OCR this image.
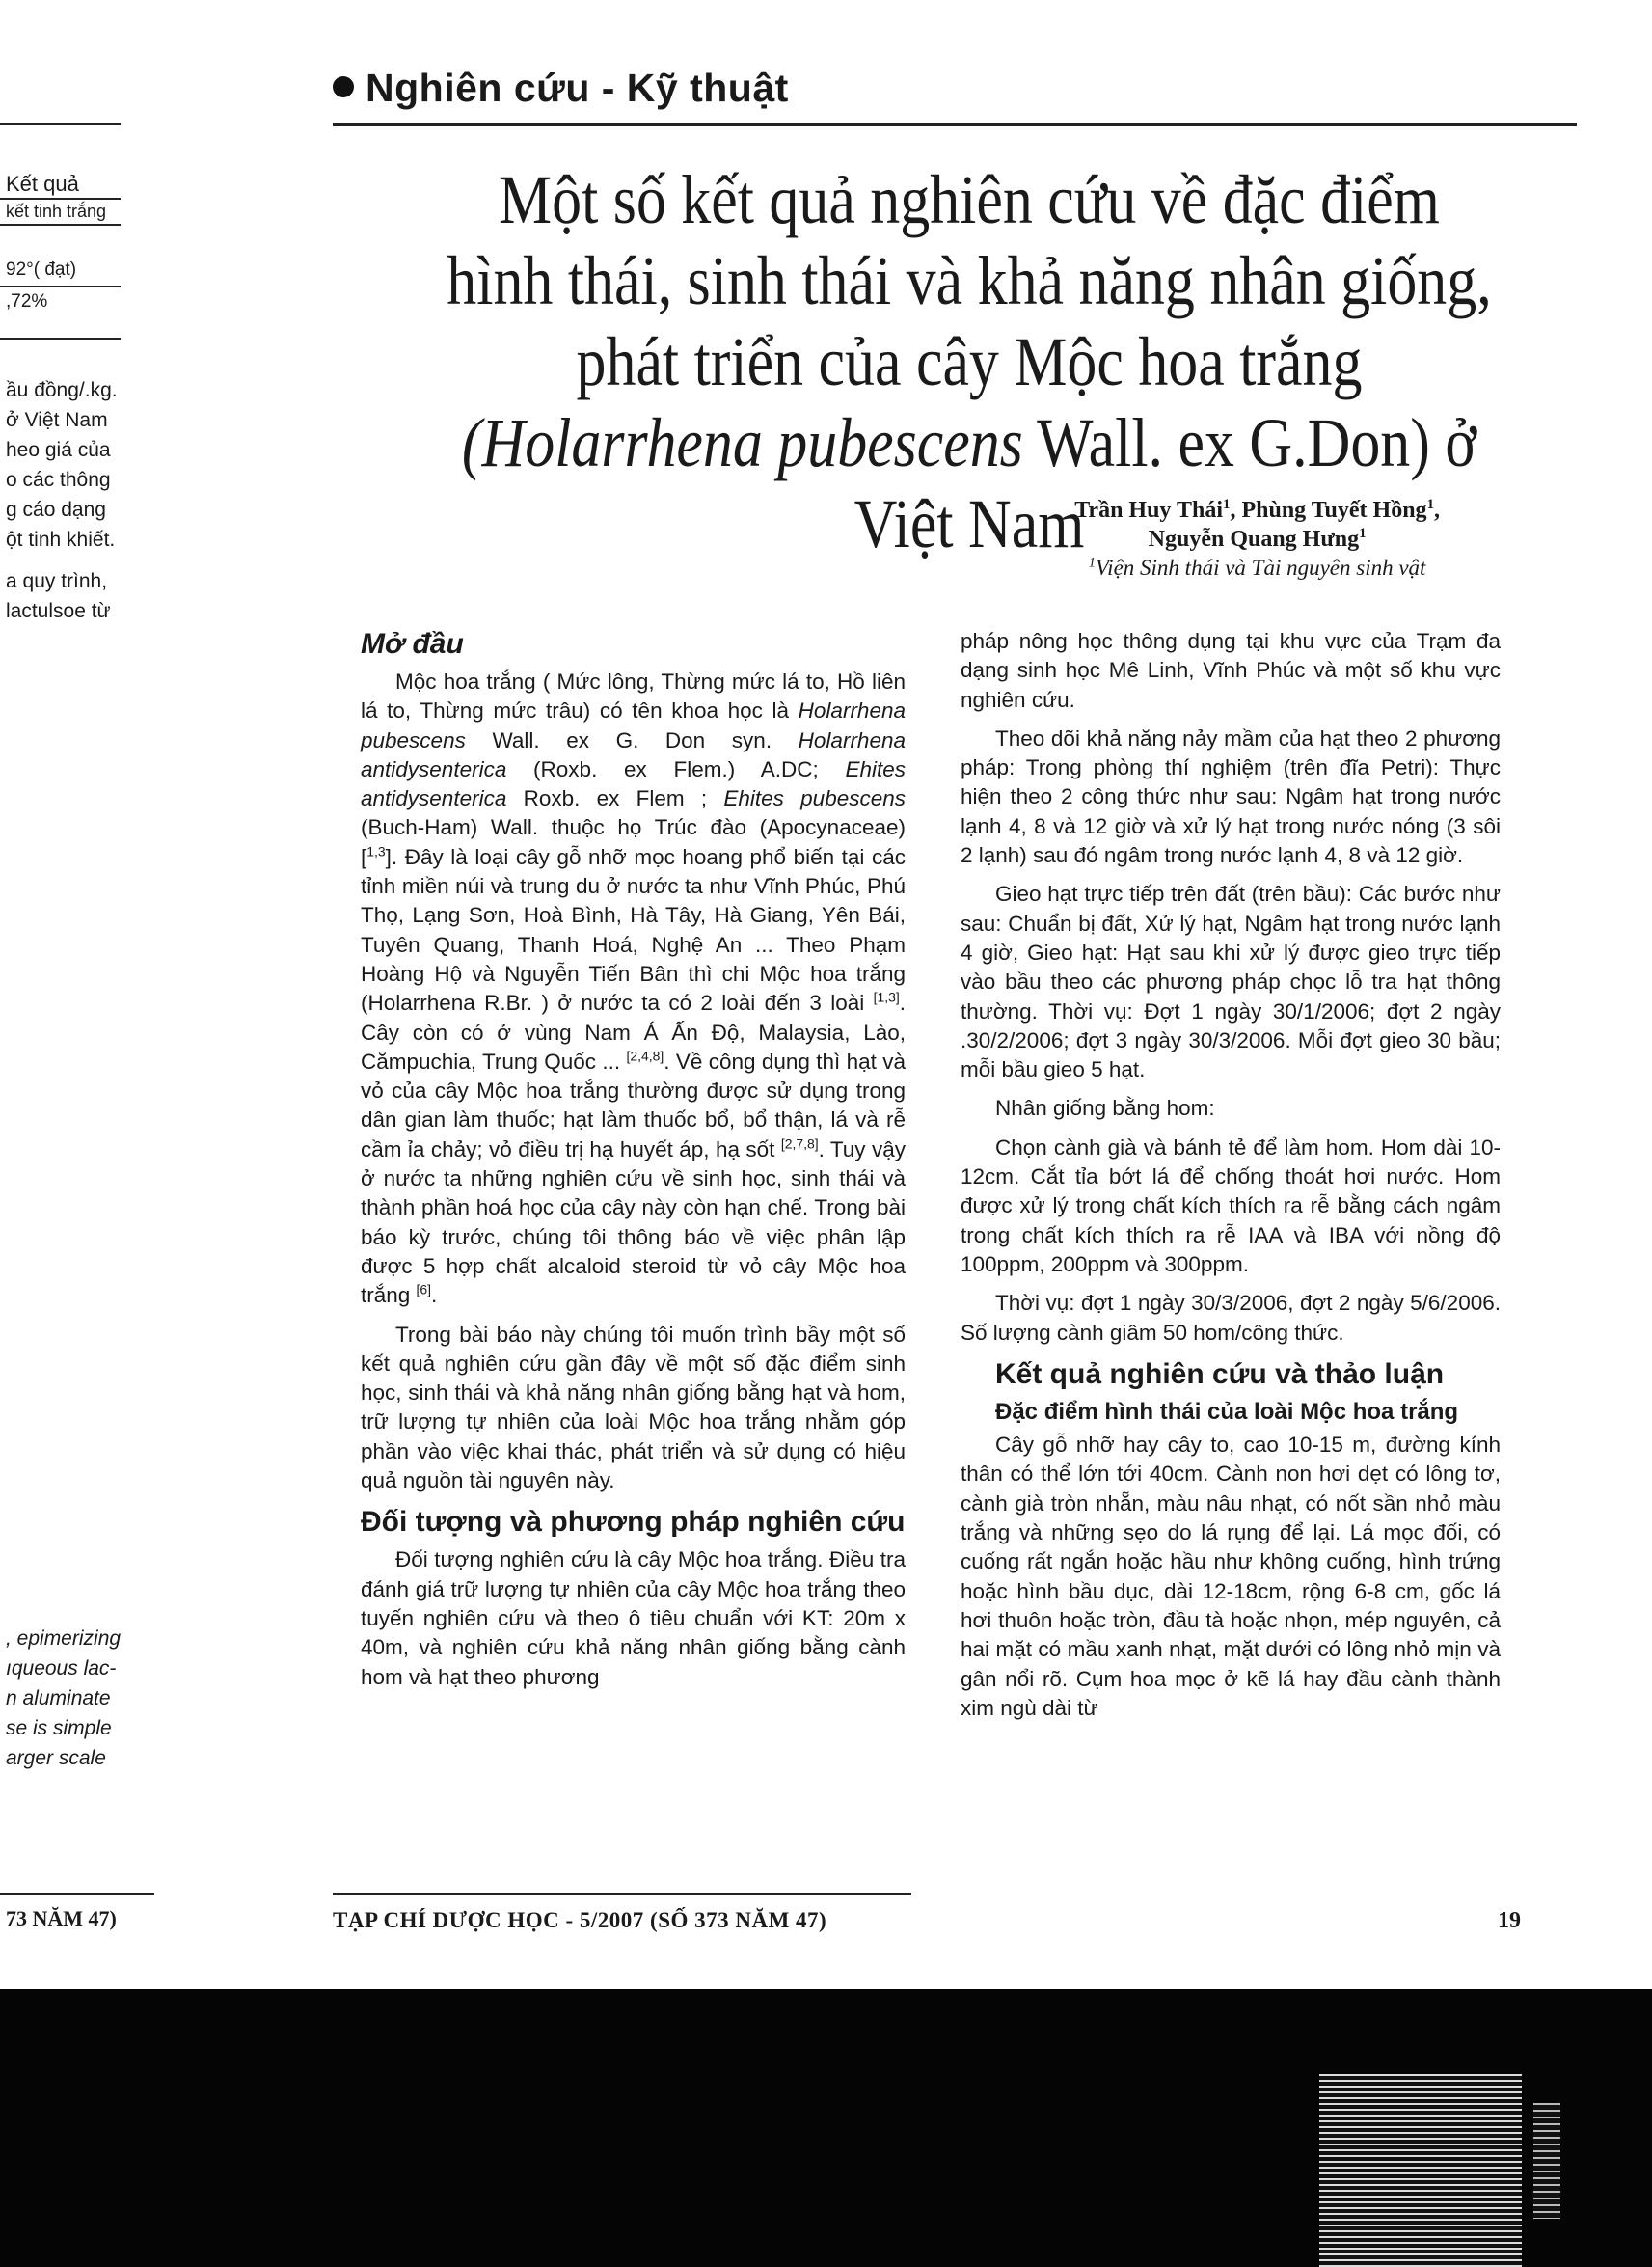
Kết quả
kết tinh trắng
92°( đạt)
,72%
ầu đồng/.kg.
ở Việt Nam
heo giá của
o các thông
g cáo dạng
ột tinh khiết.
a quy trình,
lactulsoe từ
, epimerizing
ıqueous lac-
n aluminate
se is simple
arger scale
73 NĂM 47)
Nghiên cứu - Kỹ thuật
Một số kết quả nghiên cứu về đặc điểm hình thái, sinh thái và khả năng nhân giống, phát triển của cây Mộc hoa trắng (Holarrhena pubescens Wall. ex G.Don) ở Việt Nam
Trần Huy Thái$^1$, Phùng Tuyết Hồng$^1$,
Nguyễn Quang Hưng$^1$
$^1$Viện Sinh thái và Tài nguyên sinh vật
Mở đầu

Mộc hoa trắng ( Mức lông, Thừng mức lá to, Hồ liên lá to, Thừng mức trâu) có tên khoa học là Holarrhena pubescens Wall. ex G. Don syn. Holarrhena antidysenterica (Roxb. ex Flem.) A.DC; Ehites antidysenterica Roxb. ex Flem ; Ehites pubescens (Buch-Ham) Wall. thuộc họ Trúc đào (Apocynaceae) [$^{1,3}$]. Đây là loại cây gỗ nhỡ mọc hoang phổ biến tại các tỉnh miền núi và trung du ở nước ta như Vĩnh Phúc, Phú Thọ, Lạng Sơn, Hoà Bình, Hà Tây, Hà Giang, Yên Bái, Tuyên Quang, Thanh Hoá, Nghệ An ... Theo Phạm Hoàng Hộ và Nguyễn Tiến Bân thì chi Mộc hoa trắng (Holarrhena R.Br. ) ở nước ta có 2 loài đến 3 loài [1,3]. Cây còn có ở vùng Nam Á Ấn Độ, Malaysia, Lào, Cămpuchia, Trung Quốc ... [2,4,8]. Về công dụng thì hạt và vỏ của cây Mộc hoa trắng thường được sử dụng trong dân gian làm thuốc; hạt làm thuốc bổ, bổ thận, lá và rễ cầm ỉa chảy; vỏ điều trị hạ huyết áp, hạ sốt [2,7,8]. Tuy vậy ở nước ta những nghiên cứu về sinh học, sinh thái và thành phần hoá học của cây này còn hạn chế. Trong bài báo kỳ trước, chúng tôi thông báo về việc phân lập được 5 hợp chất alcaloid steroid từ vỏ cây Mộc hoa trắng [6].

Trong bài báo này chúng tôi muốn trình bầy một số kết quả nghiên cứu gần đây về một số đặc điểm sinh học, sinh thái và khả năng nhân giống bằng hạt và hom, trữ lượng tự nhiên của loài Mộc hoa trắng nhằm góp phần vào việc khai thác, phát triển và sử dụng có hiệu quả nguồn tài nguyên này.

Đối tượng và phương pháp nghiên cứu

Đối tượng nghiên cứu là cây Mộc hoa trắng. Điều tra đánh giá trữ lượng tự nhiên của cây Mộc hoa trắng theo tuyến nghiên cứu và theo ô tiêu chuẩn với KT: 20m x 40m, và nghiên cứu khả năng nhân giống bằng cành hom và hạt theo phương

pháp nông học thông dụng tại khu vực của Trạm đa dạng sinh học Mê Linh, Vĩnh Phúc và một số khu vực nghiên cứu.

Theo dõi khả năng nảy mầm của hạt theo 2 phương pháp: Trong phòng thí nghiệm (trên đĩa Petri): Thực hiện theo 2 công thức như sau: Ngâm hạt trong nước lạnh 4, 8 và 12 giờ và xử lý hạt trong nước nóng (3 sôi 2 lạnh) sau đó ngâm trong nước lạnh 4, 8 và 12 giờ.

Gieo hạt trực tiếp trên đất (trên bầu): Các bước như sau: Chuẩn bị đất, Xử lý hạt, Ngâm hạt trong nước lạnh 4 giờ, Gieo hạt: Hạt sau khi xử lý được gieo trực tiếp vào bầu theo các phương pháp chọc lỗ tra hạt thông thường. Thời vụ: Đợt 1 ngày 30/1/2006; đợt 2 ngày .30/2/2006; đợt 3 ngày 30/3/2006. Mỗi đợt gieo 30 bầu; mỗi bầu gieo 5 hạt.

Nhân giống bằng hom:

Chọn cành già và bánh tẻ để làm hom. Hom dài 10-12cm. Cắt tỉa bớt lá để chống thoát hơi nước. Hom được xử lý trong chất kích thích ra rễ bằng cách ngâm trong chất kích thích ra rễ IAA và IBA với nồng độ 100ppm, 200ppm và 300ppm.

Thời vụ: đợt 1 ngày 30/3/2006, đợt 2 ngày 5/6/2006. Số lượng cành giâm 50 hom/công thức.

Kết quả nghiên cứu và thảo luận
Đặc điểm hình thái của loài Mộc hoa trắng

Cây gỗ nhỡ hay cây to, cao 10-15 m, đường kính thân có thể lớn tới 40cm. Cành non hơi dẹt có lông tơ, cành già tròn nhẵn, màu nâu nhạt, có nốt sần nhỏ màu trắng và những sẹo do lá rụng để lại. Lá mọc đối, có cuống rất ngắn hoặc hầu như không cuống, hình trứng hoặc hình bầu dục, dài 12-18cm, rộng 6-8 cm, gốc lá hơi thuôn hoặc tròn, đầu tà hoặc nhọn, mép nguyên, cả hai mặt có mầu xanh nhạt, mặt dưới có lông nhỏ mịn và gân nổi rõ. Cụm hoa mọc ở kẽ lá hay đầu cành thành xim ngù dài từ

TẠP CHÍ DƯỢC HỌC - 5/2007 (SỐ 373 NĂM 47)	19
